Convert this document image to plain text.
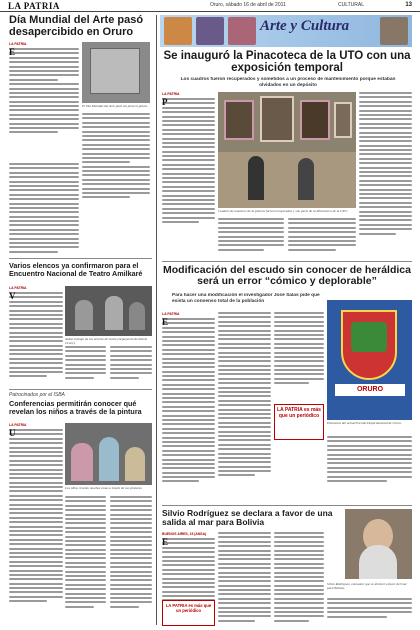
LA PATRIA	Oruro, sábado 16 de abril de 2011	CULTURAL	13
Día Mundial del Arte pasó desapercibido en Oruro
LA PATRIA
E
El Día Mundial del Arte pasó sin pena ni gloria.
Varios elencos ya confirmaron para el Encuentro Nacional de Teatro Amilkaré
LA PATRIA
V
Arduo trabajo de los actores de teatro (Argumento de Patria Oruro).
Patrocinados por el ISBA
Conferencias permitirán conocer qué revelan los niños a través de la pintura
LA PATRIA
U
Los niños revelan muchas cosas a través de sus pinturas.
Arte y Cultura
Se inauguró la Pinacoteca de la UTO con una exposición temporal
Los cuadros fueron recuperados y sometidos a un proceso de mantenimiento porque estaban olvidados en un depósito
LA PATRIA
P
Cuadros de maestros de la pintura fueron recuperados y son parte de la Pinacoteca de la UTO.
Modificación del escudo sin conocer de heráldica será un error “cómico y deplorable”
Para hacer una modificación el investigador José Salas pide que exista un consenso total de la población
LA PATRIA
E
LA PATRIA es más que un periódico
ORURO
Elementos del actual Escudo Departamental de Oruro.
Silvio Rodríguez se declara a favor de una salida al mar para Bolivia
BUENOS AIRES, 15 (ANSA)
E
LA PATRIA es más que un periódico
Silvio Rodríguez, cantautor que se declaró a favor del mar para Bolivia.
